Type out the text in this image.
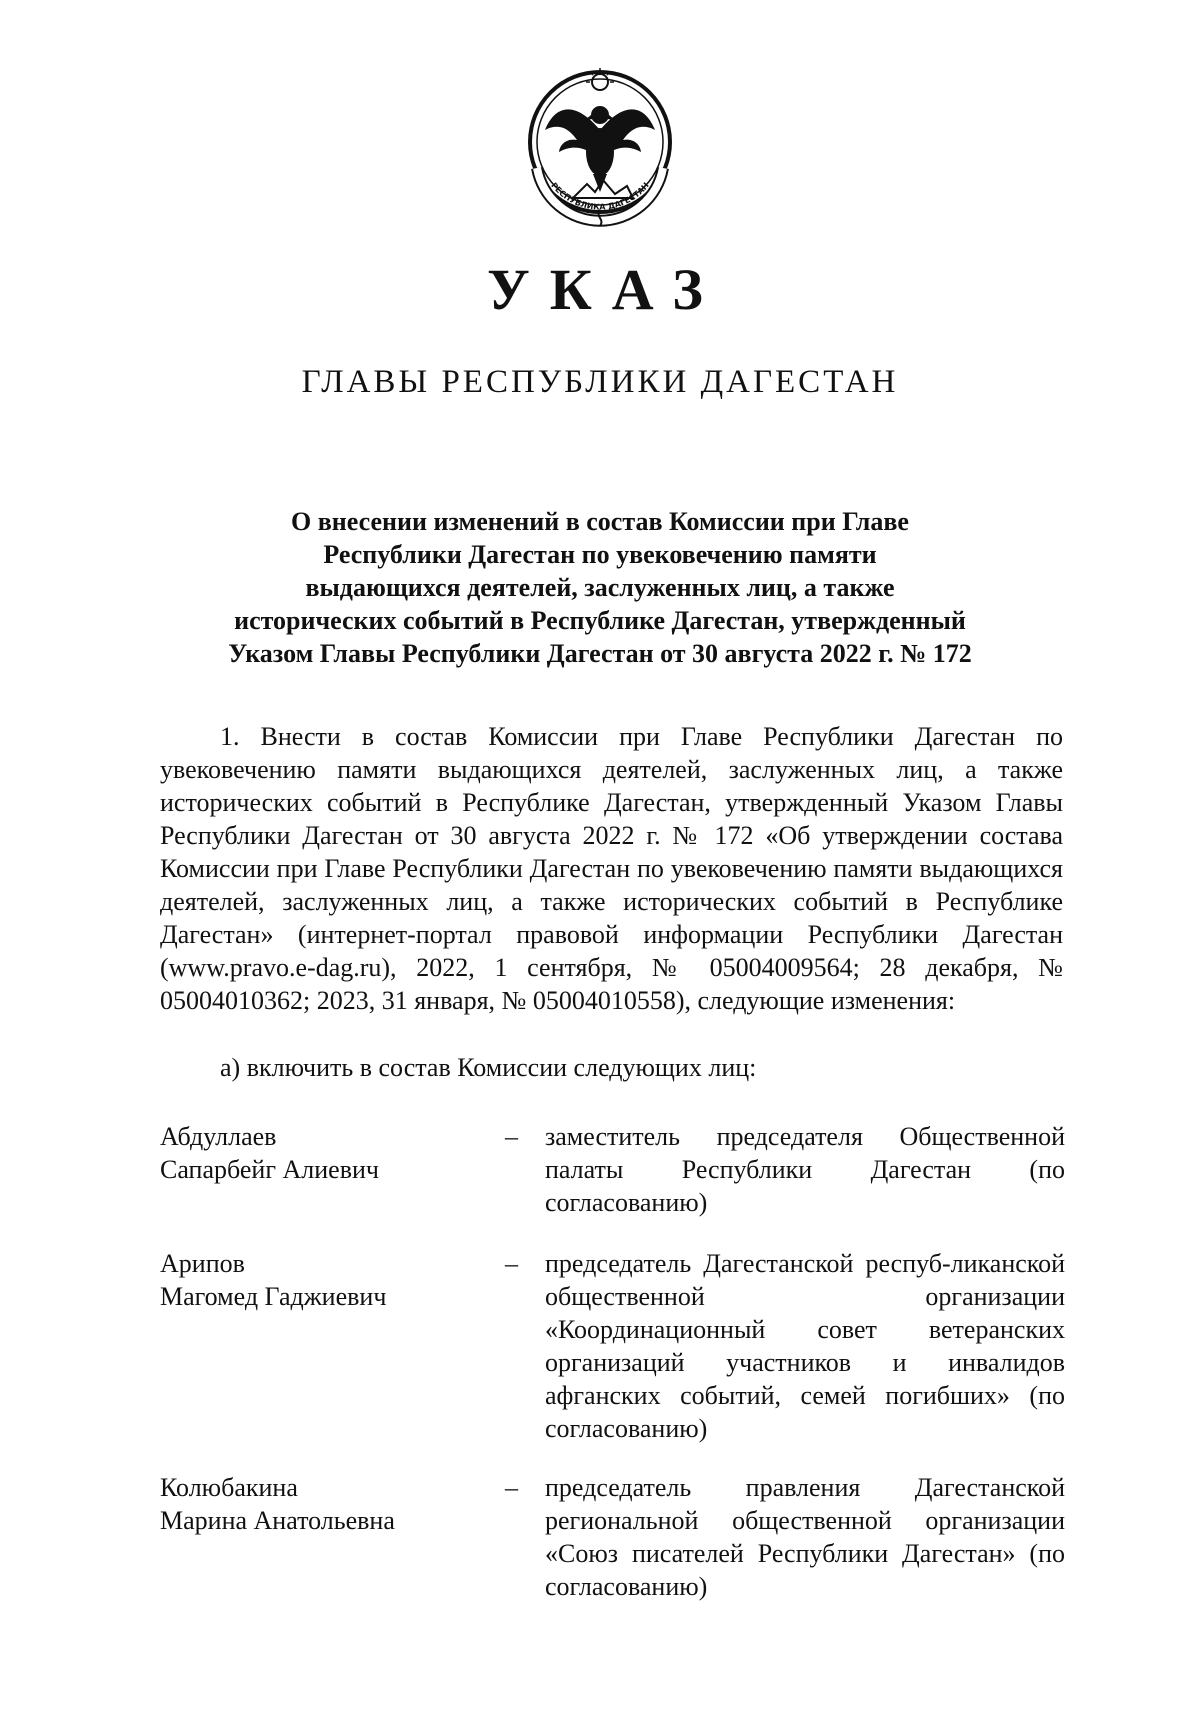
РЕСПУБЛИКА ДАГЕСТАН
УКАЗ
ГЛАВЫ РЕСПУБЛИКИ ДАГЕСТАН
О внесении изменений в состав Комиссии при Главе
Республики Дагестан по увековечению памяти
выдающихся деятелей, заслуженных лиц, а также
исторических событий в Республике Дагестан, утвержденный
Указом Главы Республики Дагестан от 30 августа 2022 г. № 172

1. Внести в состав Комиссии при Главе Республики Дагестан по увековечению памяти выдающихся деятелей, заслуженных лиц, а также исторических событий в Республике Дагестан, утвержденный Указом Главы Республики Дагестан от 30 августа 2022 г. № 172 «Об утверждении состава Комиссии при Главе Республики Дагестан по увековечению памяти выдающихся деятелей, заслуженных лиц, а также исторических событий в Республике Дагестан» (интернет-портал правовой информации Республики Дагестан (www.pravo.e-dag.ru), 2022, 1 сентября, № 05004009564; 28 декабря, № 05004010362; 2023, 31 января, № 05004010558), следующие изменения:

а) включить в состав Комиссии следующих лиц:
Абдуллаев
Сапарбейг Алиевич
– заместитель председателя Общественной палаты Республики Дагестан (по согласованию)
Арипов
Магомед Гаджиевич
– председатель Дагестанской респуб-ликанской общественной организации «Координационный совет ветеранских организаций участников и инвалидов афганских событий, семей погибших» (по согласованию)
Колюбакина
Марина Анатольевна
– председатель правления Дагестанской региональной общественной организации «Союз писателей Республики Дагестан» (по согласованию)
